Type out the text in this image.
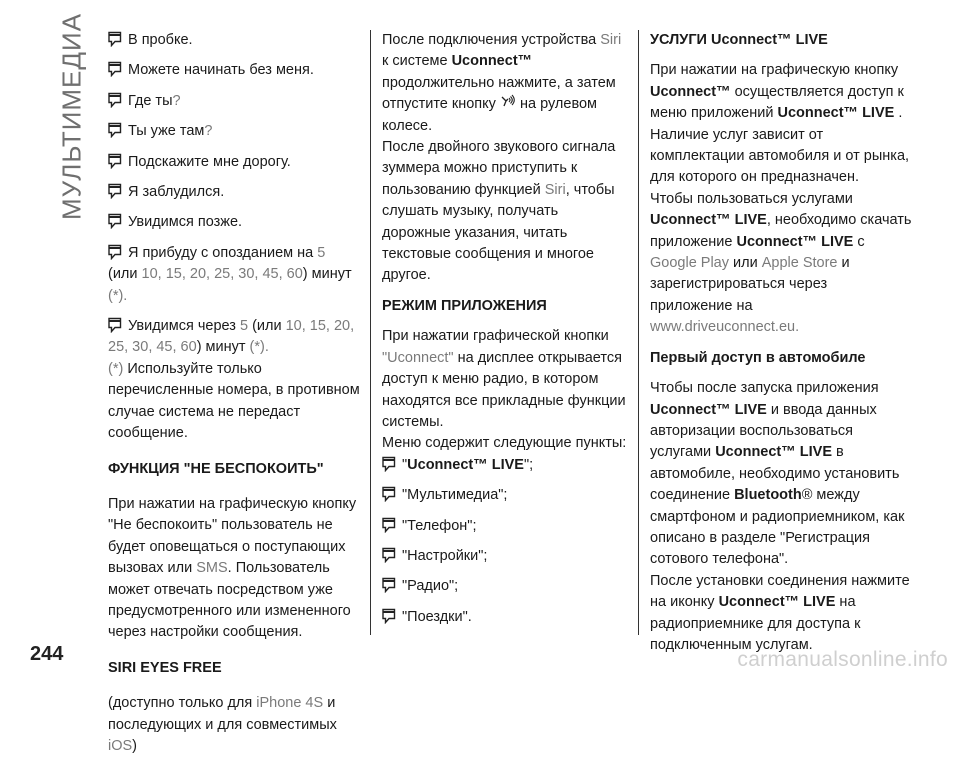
МУЛЬТИМЕДИА	В пробке.

Можете начинать без меня.

Где ты?

Ты уже там?

Подскажите мне дорогу.

Я заблудился.

Увидимся позже.

Я прибуду с опозданием на 5
(или 10, 15, 20, 25, 30, 45, 60) минут
(*).

Увидимся через 5 (или 10, 15, 20, 25, 30, 45, 60) минут (*).

(*) Используйте только перечисленные номера, в противном случае система не передаст сообщение.

ФУНКЦИЯ "НЕ БЕСПОКОИТЬ"

При нажатии на графическую кнопку "Не беспокоить" пользователь не будет оповещаться о поступающих вызовах или SMS. Пользователь может отвечать посредством уже предусмотренного или измененного через настройки сообщения.

SIRI EYES FREE

(доступно только для iPhone 4S и последующих и для совместимых iOS)

После подключения устройства Siri к системе Uconnect™ продолжительно нажмите, а затем отпустите кнопку  на рулевом колесе.

После двойного звукового сигнала зуммера можно приступить к пользованию функцией Siri, чтобы слушать музыку, получать дорожные указания, читать текстовые сообщения и многое другое.

РЕЖИМ ПРИЛОЖЕНИЯ

При нажатии графической кнопки "Uconnect" на дисплее открывается доступ к меню радио, в котором находятся все прикладные функции системы.

Меню содержит следующие пункты:

"Uconnect™ LIVE";

"Мультимедиа";

"Телефон";

"Настройки";

"Радио";

"Поездки".

УСЛУГИ Uconnect™ LIVE

При нажатии на графическую кнопку Uconnect™ осуществляется доступ к меню приложений Uconnect™ LIVE .

Наличие услуг зависит от комплектации автомобиля и от рынка, для которого он предназначен.

Чтобы пользоваться услугами Uconnect™ LIVE, необходимо скачать приложение Uconnect™ LIVE с Google Play или Apple Store и зарегистрироваться через приложение на
www.driveuconnect.eu.

Первый доступ в автомобиле

Чтобы после запуска приложения Uconnect™ LIVE и ввода данных авторизации воспользоваться услугами Uconnect™ LIVE в автомобиле, необходимо установить соединение Bluetooth® между смартфоном и радиоприемником, как описано в разделе "Регистрация сотового телефона".

После установки соединения нажмите на иконку Uconnect™ LIVE на радиоприемнике для доступа к подключенным услугам.

244	carmanualsonline.info
